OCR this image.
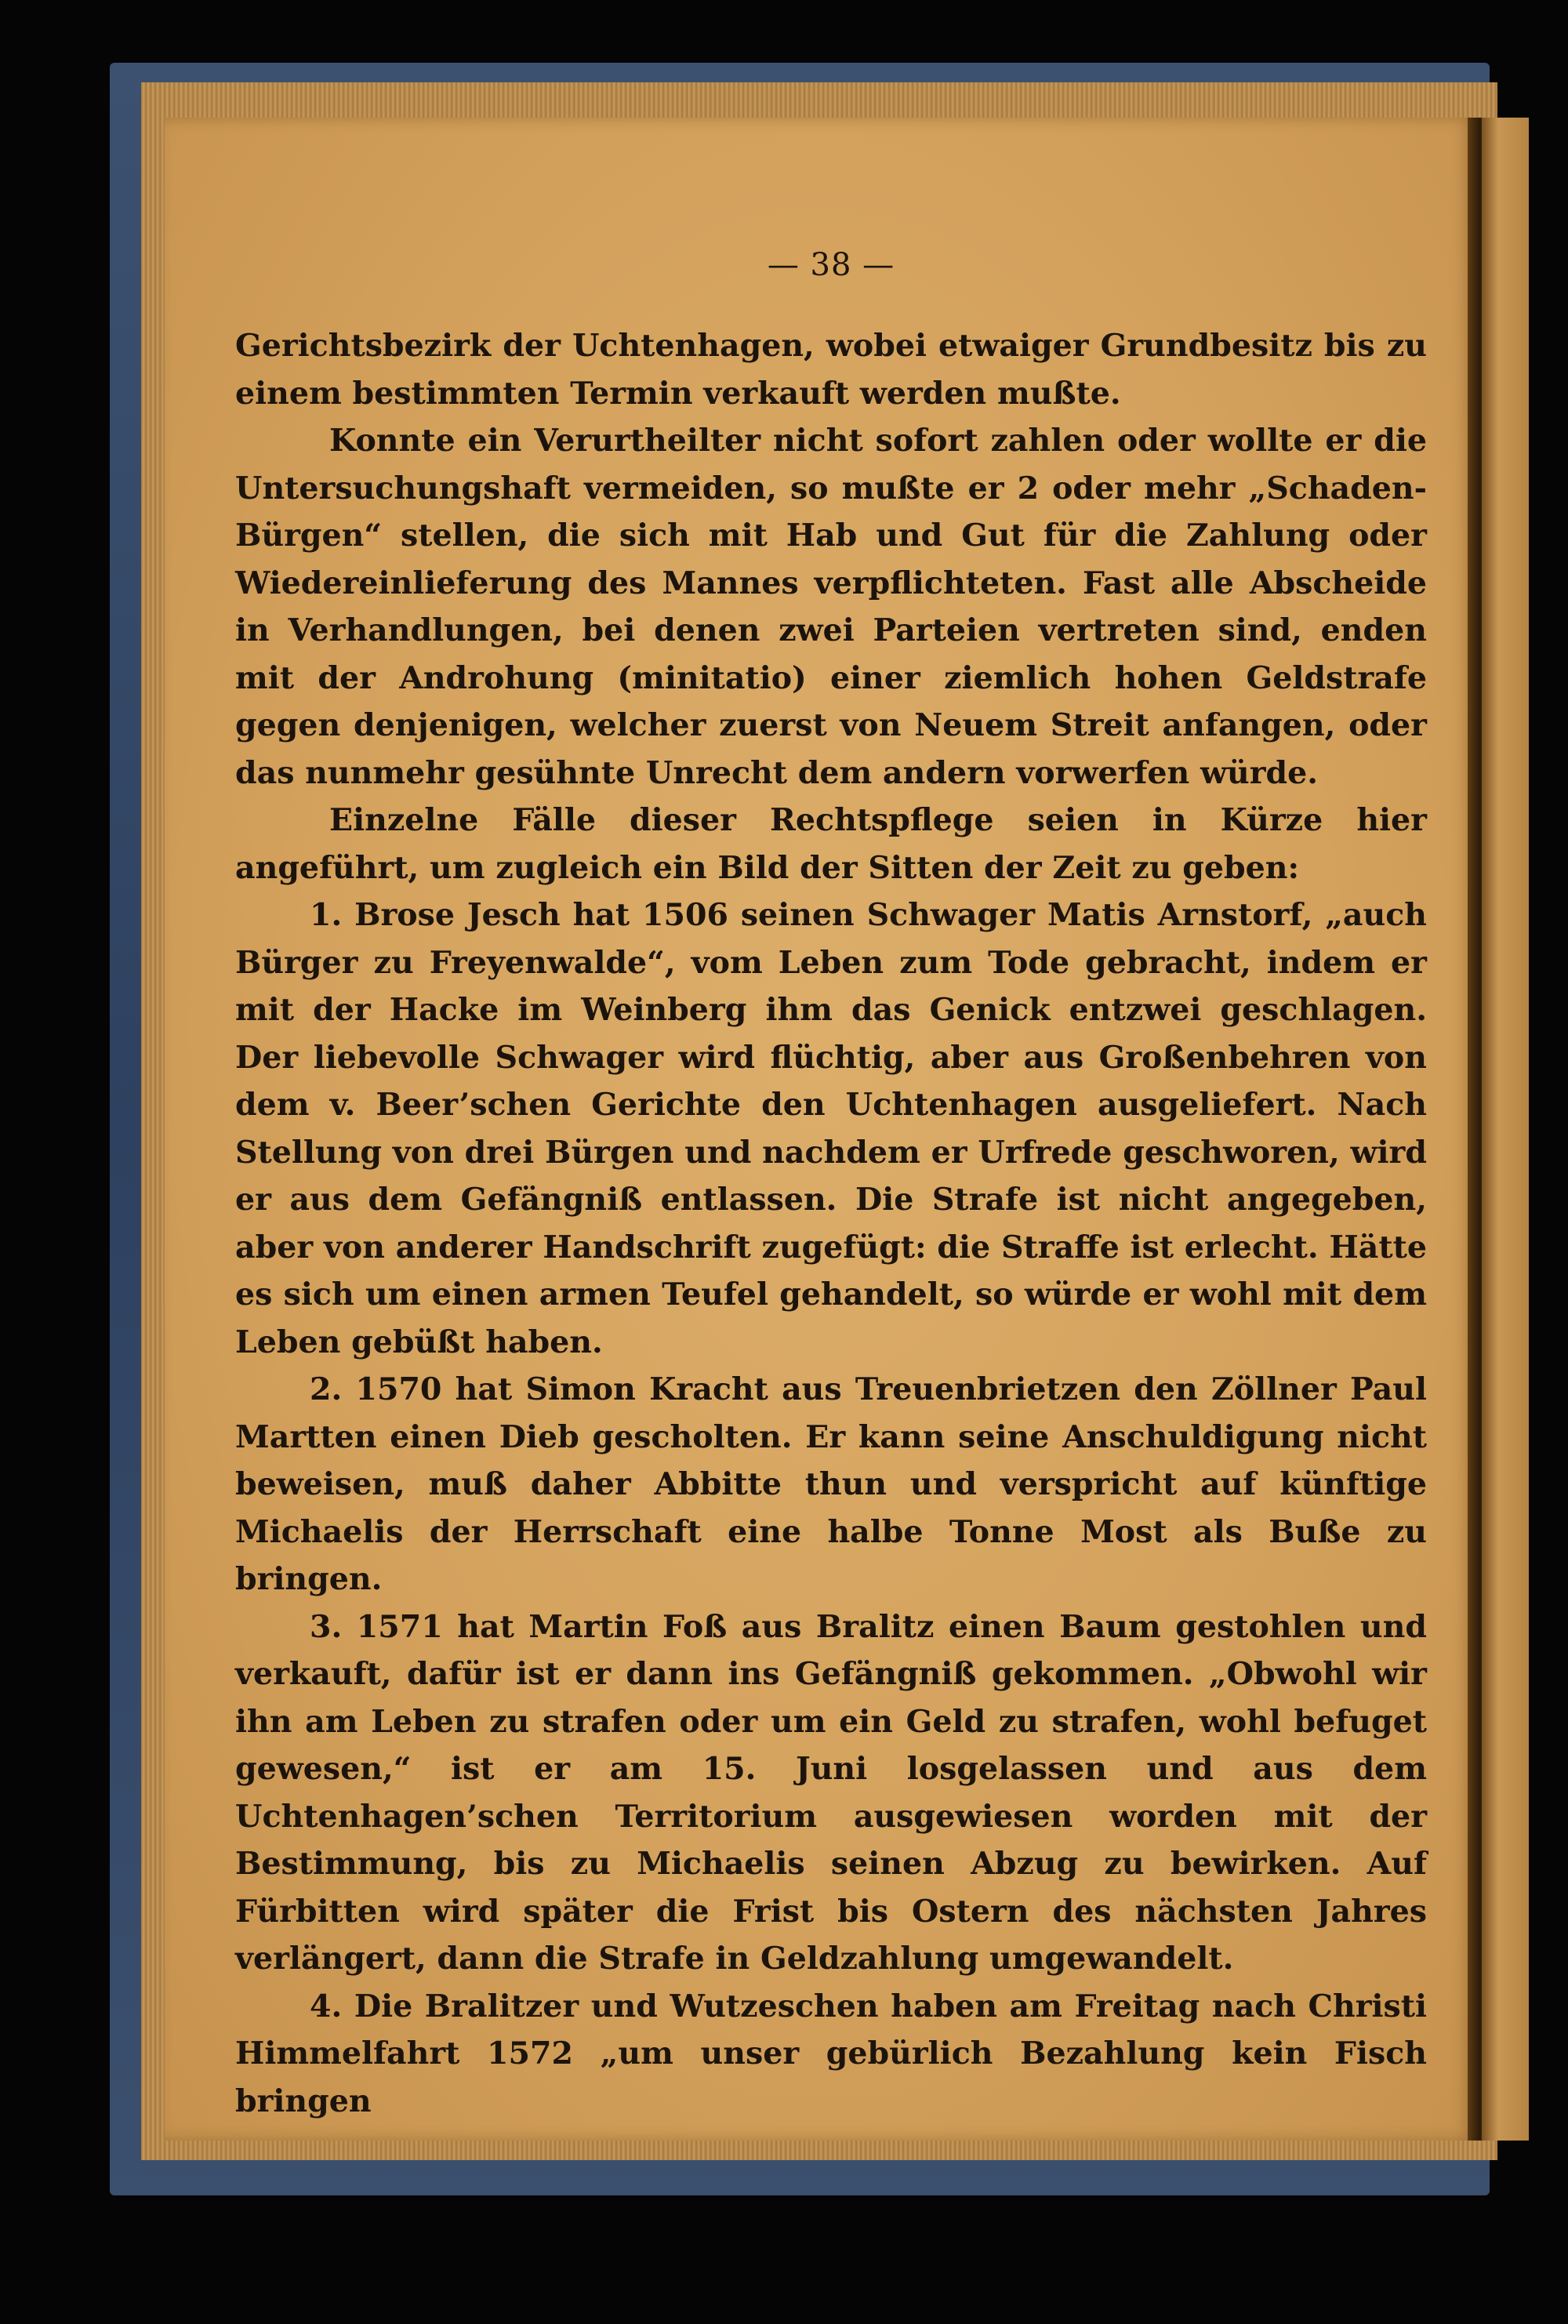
— 38 —

Gerichtsbezirk der Uchtenhagen, wobei etwaiger Grundbesitz bis zu einem bestimmten Termin verkauft werden mußte.

Konnte ein Verurtheilter nicht sofort zahlen oder wollte er die Untersuchungshaft vermeiden, so mußte er 2 oder mehr „Schaden-Bürgen“ stellen, die sich mit Hab und Gut für die Zahlung oder Wiedereinlieferung des Mannes verpflichteten. Fast alle Abscheide in Verhandlungen, bei denen zwei Parteien vertreten sind, enden mit der Androhung (minitatio) einer ziemlich hohen Geldstrafe gegen denjenigen, welcher zuerst von Neuem Streit anfangen, oder das nunmehr gesühnte Unrecht dem andern vorwerfen würde.

Einzelne Fälle dieser Rechtspflege seien in Kürze hier angeführt, um zugleich ein Bild der Sitten der Zeit zu geben:

1. Brose Jesch hat 1506 seinen Schwager Matis Arnstorf, „auch Bürger zu Freyenwalde“, vom Leben zum Tode gebracht, indem er mit der Hacke im Weinberg ihm das Genick entzwei geschlagen. Der liebevolle Schwager wird flüchtig, aber aus Großenbehren von dem v. Beer’schen Gerichte den Uchtenhagen ausgeliefert. Nach Stellung von drei Bürgen und nachdem er Urfrede geschworen, wird er aus dem Gefängniß entlassen. Die Strafe ist nicht angegeben, aber von anderer Handschrift zugefügt: die Straffe ist erlecht. Hätte es sich um einen armen Teufel gehandelt, so würde er wohl mit dem Leben gebüßt haben.

2. 1570 hat Simon Kracht aus Treuenbrietzen den Zöllner Paul Martten einen Dieb gescholten. Er kann seine Anschuldigung nicht beweisen, muß daher Abbitte thun und verspricht auf künftige Michaelis der Herrschaft eine halbe Tonne Most als Buße zu bringen.

3. 1571 hat Martin Foß aus Bralitz einen Baum gestohlen und verkauft, dafür ist er dann ins Gefängniß gekommen. „Obwohl wir ihn am Leben zu strafen oder um ein Geld zu strafen, wohl befuget gewesen,“ ist er am 15. Juni losgelassen und aus dem Uchtenhagen’schen Territorium ausgewiesen worden mit der Bestimmung, bis zu Michaelis seinen Abzug zu bewirken. Auf Fürbitten wird später die Frist bis Ostern des nächsten Jahres verlängert, dann die Strafe in Geldzahlung umgewandelt.

4. Die Bralitzer und Wutzeschen haben am Freitag nach Christi Himmelfahrt 1572 „um unser gebürlich Bezahlung kein Fisch bringen
